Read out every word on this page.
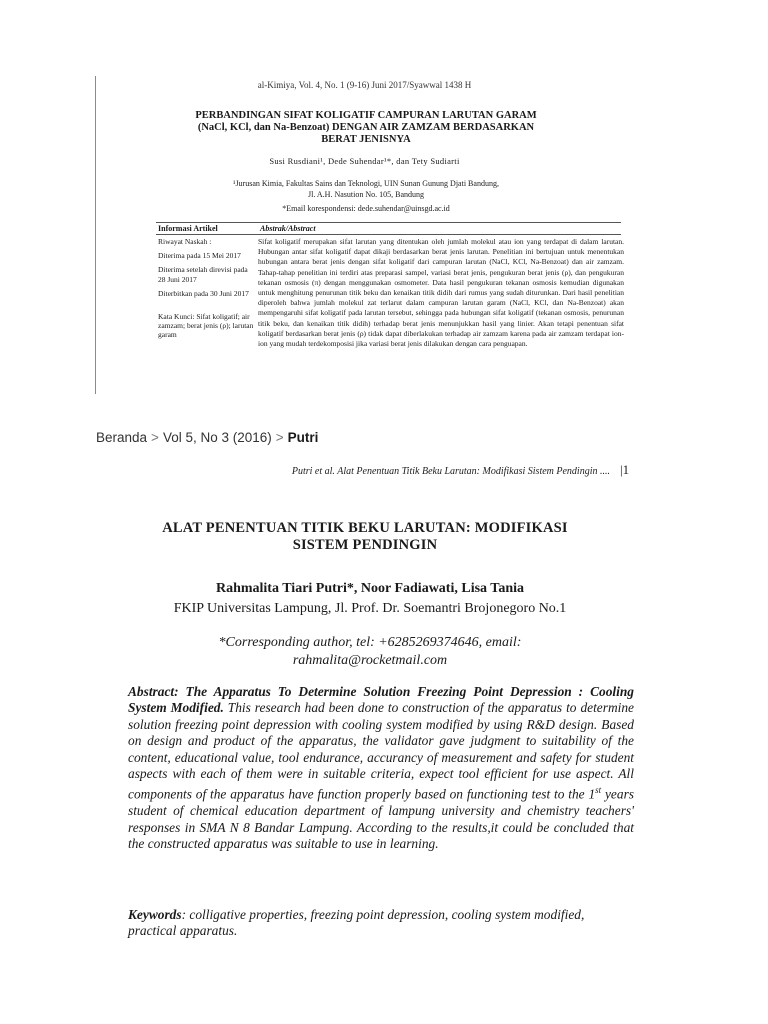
al-Kimiya, Vol. 4, No. 1 (9-16) Juni 2017/Syawwal 1438 H
PERBANDINGAN SIFAT KOLIGATIF CAMPURAN LARUTAN GARAM
(NaCl, KCl, dan Na-Benzoat) DENGAN AIR ZAMZAM BERDASARKAN
BERAT JENISNYA
Susi Rusdiani¹, Dede Suhendar¹*, dan Tety Sudiarti
¹Jurusan Kimia, Fakultas Sains dan Teknologi, UIN Sunan Gunung Djati Bandung,
Jl. A.H. Nasution No. 105, Bandung
*Email korespondensi: dede.suhendar@uinsgd.ac.id
Informasi Artikel	Abstrak/Abstract

Riwayat Naskah :

Diterima pada 15 Mei 2017

Diterima setelah direvisi pada 28 Juni 2017

Diterbitkan pada 30 Juni 2017

Kata Kunci: Sifat koligatif; air zamzam; berat jenis (ρ); larutan garam

Sifat koligatif merupakan sifat larutan yang ditentukan oleh jumlah molekul atau ion yang terdapat di dalam larutan. Hubungan antar sifat koligatif dapat dikaji berdasarkan berat jenis larutan. Penelitian ini bertujuan untuk menentukan hubungan antara berat jenis dengan sifat koligatif dari campuran larutan (NaCl, KCl, Na-Benzoat) dan air zamzam. Tahap-tahap penelitian ini terdiri atas preparasi sampel, variasi berat jenis, pengukuran berat jenis (ρ), dan pengukuran tekanan osmosis (π) dengan menggunakan osmometer. Data hasil pengukuran tekanan osmosis kemudian digunakan untuk menghitung penurunan titik beku dan kenaikan titik didih dari rumus yang sudah diturunkan. Dari hasil penelitian diperoleh bahwa jumlah molekul zat terlarut dalam campuran larutan garam (NaCl, KCl, dan Na-Benzoat) akan mempengaruhi sifat koligatif pada larutan tersebut, sehingga pada hubungan sifat koligatif (tekanan osmosis, penurunan titik beku, dan kenaikan titik didih) terhadap berat jenis menunjukkan hasil yang linier. Akan tetapi penentuan sifat koligatif berdasarkan berat jenis (ρ) tidak dapat diberlakukan terhadap air zamzam karena pada air zamzam terdapat ion-ion yang mudah terdekomposisi jika variasi berat jenis dilakukan dengan cara penguapan.
Beranda > Vol 5, No 3 (2016) > Putri
Putri et al. Alat Penentuan Titik Beku Larutan: Modifikasi Sistem Pendingin .... |1
ALAT PENENTUAN TITIK BEKU LARUTAN: MODIFIKASI
SISTEM PENDINGIN
Rahmalita Tiari Putri*, Noor Fadiawati, Lisa Tania
FKIP Universitas Lampung, Jl. Prof. Dr. Soemantri Brojonegoro No.1
*Corresponding author, tel: +6285269374646, email:
rahmalita@rocketmail.com
Abstract: The Apparatus To Determine Solution Freezing Point Depression : Cooling System Modified. This research had been done to construction of the apparatus to determine solution freezing point depression with cooling system modified by using R&D design. Based on design and product of the apparatus, the validator gave judgment to suitability of the content, educational value, tool endurance, accurancy of measurement and safety for student aspects with each of them were in suitable criteria, expect tool efficient for use aspect. All components of the apparatus have function properly based on functioning test to the 1st years student of chemical education department of lampung university and chemistry teachers' responses in SMA N 8 Bandar Lampung. According to the results,it could be concluded that the constructed apparatus was suitable to use in learning.
Keywords: colligative properties, freezing point depression, cooling system modified, practical apparatus.
